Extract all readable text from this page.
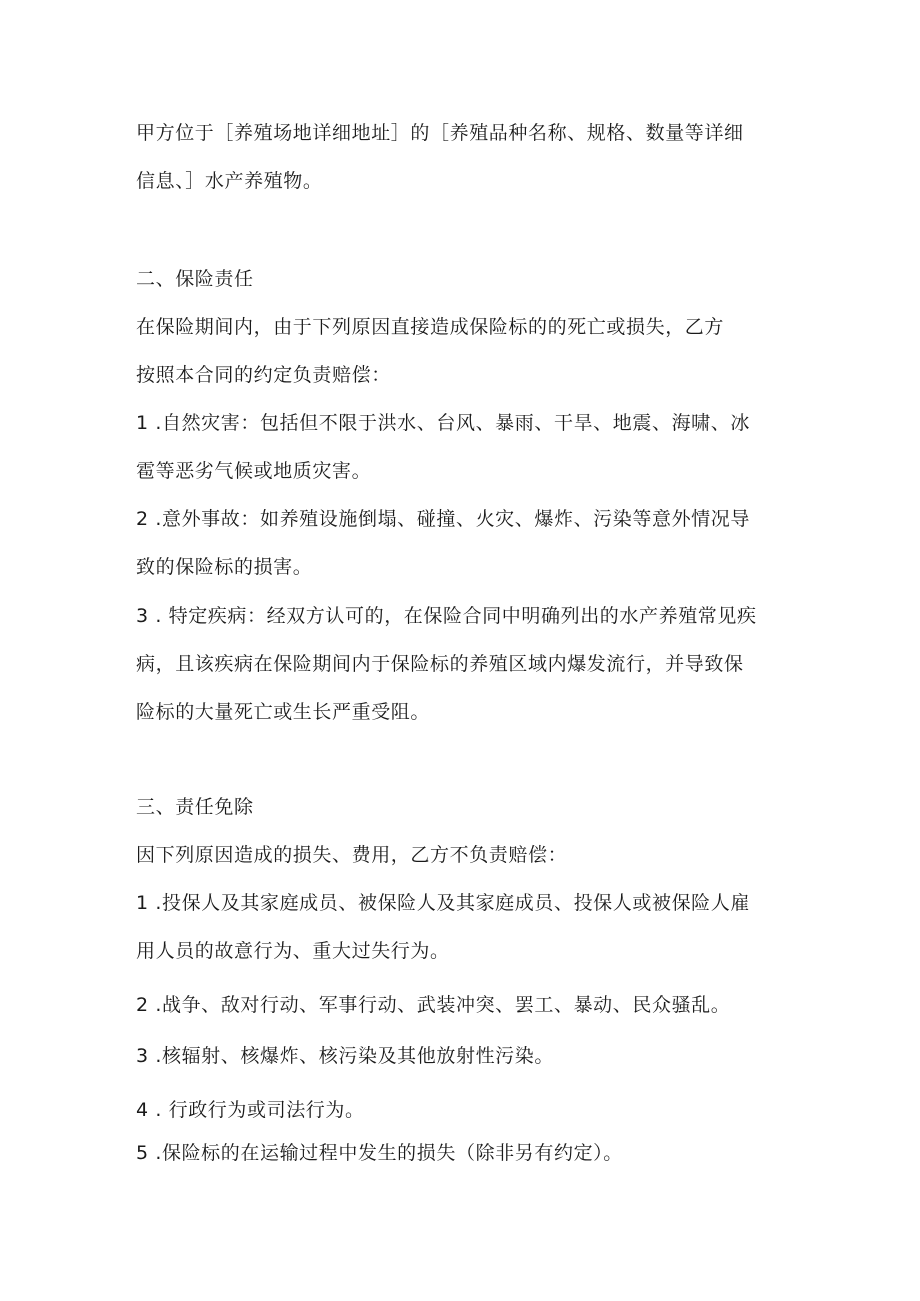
甲方位于［养殖场地详细地址］的［养殖品种名称、规格、数量等详细
信息、］水产养殖物。
二、保险责任
在保险期间内，由于下列原因直接造成保险标的的死亡或损失，乙方
按照本合同的约定负责赔偿：
1 .自然灾害：包括但不限于洪水、台风、暴雨、干旱、地震、海啸、冰
雹等恶劣气候或地质灾害。
2 .意外事故：如养殖设施倒塌、碰撞、火灾、爆炸、污染等意外情况导
致的保险标的损害。
3 . 特定疾病：经双方认可的，在保险合同中明确列出的水产养殖常见疾
病，且该疾病在保险期间内于保险标的养殖区域内爆发流行，并导致保
险标的大量死亡或生长严重受阻。
三、责任免除
因下列原因造成的损失、费用，乙方不负责赔偿：
1 .投保人及其家庭成员、被保险人及其家庭成员、投保人或被保险人雇
用人员的故意行为、重大过失行为。
2 .战争、敌对行动、军事行动、武装冲突、罢工、暴动、民众骚乱。
3 .核辐射、核爆炸、核污染及其他放射性污染。
4 . 行政行为或司法行为。
5 .保险标的在运输过程中发生的损失（除非另有约定）。
